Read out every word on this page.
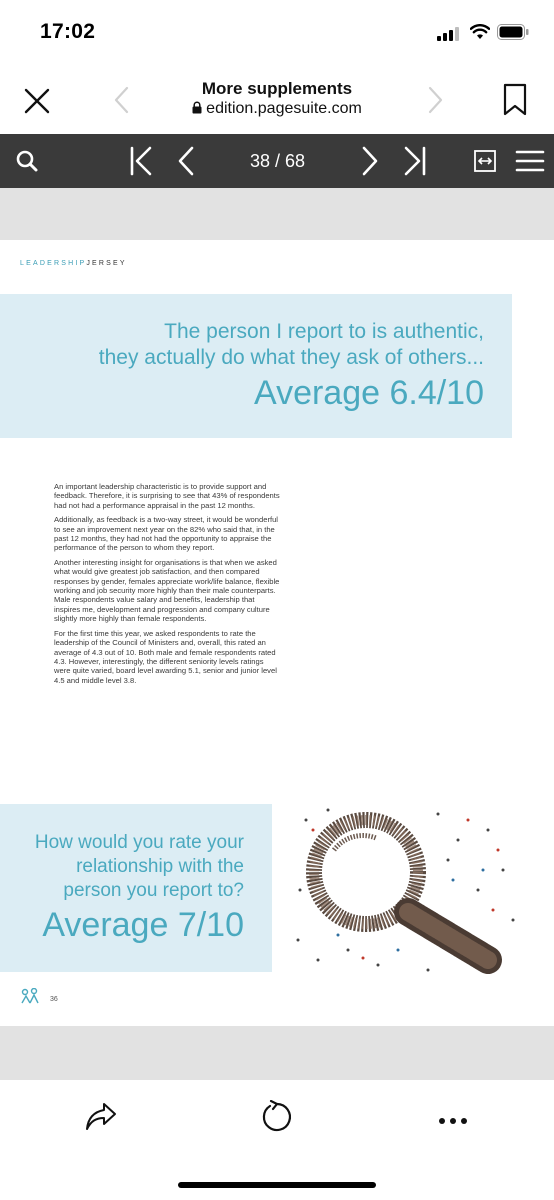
17:02
More supplements
edition.pagesuite.com
38 / 68
LEADERSHIPJERSEY
The person I report to is authentic,
they actually do what they ask of others...
Average 6.4/10

An important leadership characteristic is to provide support and feedback. Therefore, it is surprising to see that 43% of respondents had not had a performance appraisal in the past 12 months.

Additionally, as feedback is a two-way street, it would be wonderful to see an improvement next year on the 82% who said that, in the past 12 months, they had not had the opportunity to appraise the performance of the person to whom they report.

Another interesting insight for organisations is that when we asked what would give greatest job satisfaction, and then compared responses by gender, females appreciate work/life balance, flexible working and job security more highly than their male counterparts. Male respondents value salary and benefits, leadership that inspires me, development and progression and company culture slightly more highly than female respondents.

For the first time this year, we asked respondents to rate the leadership of the Council of Ministers and, overall, this rated an average of 4.3 out of 10. Both male and female respondents rated 4.3. However, interestingly, the different seniority levels ratings were quite varied, board level awarding 5.1, senior and junior level 4.5 and middle level 3.8.

How would you rate your
relationship with the
person you report to?
Average 7/10
36
